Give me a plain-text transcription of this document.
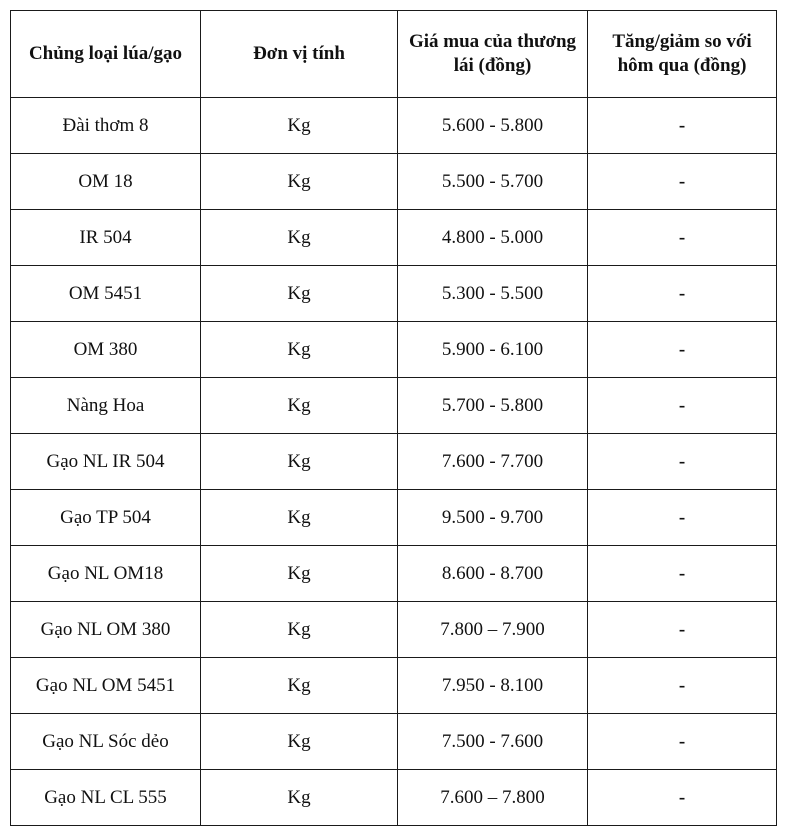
Chủng loại lúa/gạo	Đơn vị tính	Giá mua của thương lái (đồng)	Tăng/giảm so với hôm qua (đồng)
Đài thơm 8	Kg	5.600 - 5.800	-
OM 18	Kg	5.500 - 5.700	-
IR 504	Kg	4.800 - 5.000	-
OM 5451	Kg	5.300 - 5.500	-
OM 380	Kg	5.900 - 6.100	-
Nàng Hoa	Kg	5.700 - 5.800	-
Gạo NL IR 504	Kg	7.600 - 7.700	-
Gạo TP 504	Kg	9.500 - 9.700	-
Gạo NL OM18	Kg	8.600 - 8.700	-
Gạo NL OM 380	Kg	7.800 – 7.900	-
Gạo NL OM 5451	Kg	7.950 - 8.100	-
Gạo NL Sóc dẻo	Kg	7.500 - 7.600	-
Gạo NL CL 555	Kg	7.600 – 7.800	-
